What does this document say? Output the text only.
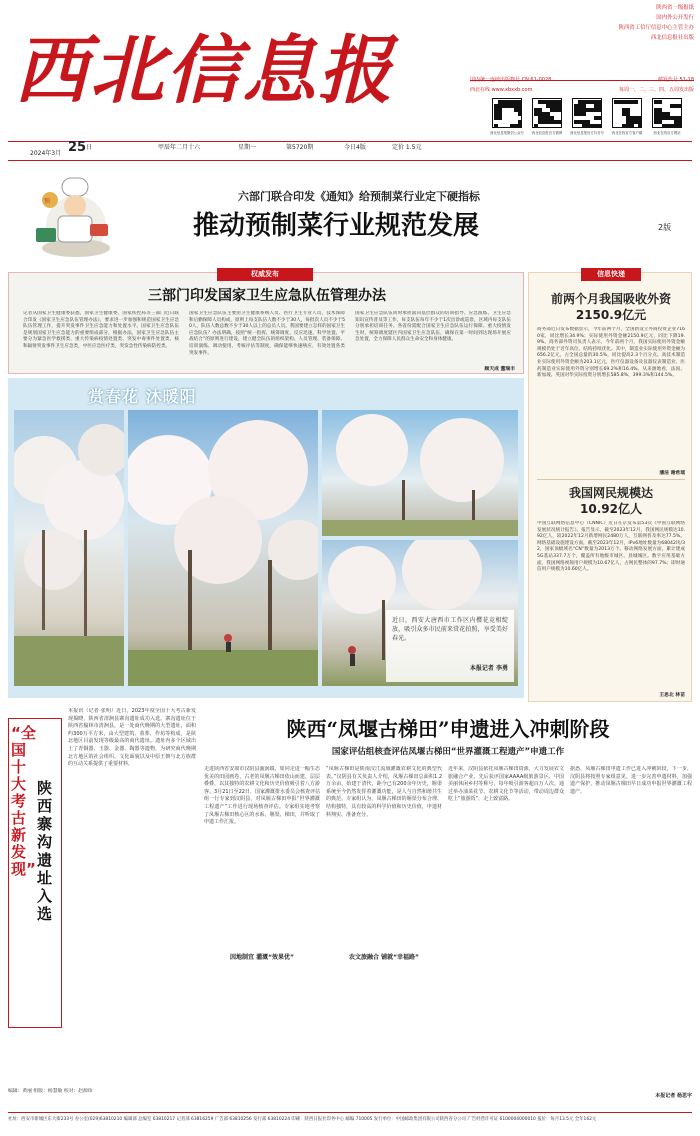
西北信息报
陕西省一级报纸
国内外公开发行
陕西省工信厅信息中心主管主办
西北信息报社出版
西北在线 www.xbxxb.com	每周一、二、三、四、五周发出版
西北信息报微信公众号	西北信息报官方微博	西北信息报官方抖音号	西北在线官方客户端	西北在线官方网站
2024年3月 25 日	甲辰年二月十六	星期一	第5720期	今日4版	定价 1.5元
预	六部门联合印发《通知》给预制菜行业定下硬指标
推动预制菜行业规范发展	2版
权威发布
三部门印发国家卫生应急队伍管理办法
记者从国家卫生健康委获悉，国家卫生健康委、国家疾控局等三部门近日联合印发《国家卫生应急队伍管理办法》，要求进一步加强和规范国家卫生应急队伍管理工作，提升突发事件卫生应急能力和处置水平。国家卫生应急队伍是规划国家卫生应急能力的重要组成部分，根据办法，国家卫生应急队伍主要分为紧急医学救援类、重大传染病疫情处置类、突发中毒事件处置类、核和辐射突发事件卫生应急类，中医应急医疗类，突发急性传染病防控类。
国家卫生应急队伍主要由卫生健康系统人员、医疗卫生专业人员、技术保障和后勤保障人员构成，原则上每支队伍人数不少于30人，每批次人员不少于50人，队伍人数总数不少于30人以上的总员人员。我国要建立怎样的国家卫生应急队伍？办法明确，按照“统一指挥、统筹调度、反应迅速、科学处置、平战结合”的原则进行建设，建立健全队伍的组织架构、人员管理、装备保障、培训演练、调动使用、考核评估等制度，确保能够快速响应、有效处置各类突发事件。
国家卫生应急队伍同时承担面向基层群众的培训指导、应急演练、卫生应急知识宣传普及等工作，每支队伍每年不少于1次出诊或巡诊，区域内每支队伍分别承担培训任务。各省份需配合国家卫生应急队伍运行保障。重大疫情发生时，统筹调度辖区内国家卫生应急队伍，确保在第一时间到达现场开展应急处置，全力保障人民群众生命安全和身体健康。
顾天成 董瑞丰
赏春花 沐暖阳
近日，西安大唐西市工作区内樱花竞相绽放，吸引众多市民前来赏花拍照，享受美好春光。
本报记者 李勇
信息快递
前两个月我国吸收外资2150.9亿元
商务部近日发布数据显示，今年前两个月，全国新设立外商投资企业7160家，同比增长34.9%；实际使用外资金额2150.9亿元，同比下降19.9%。商务部外资司负责人表示，今年前两个月，我国实际使用外资金额规模仍处于近年高位，结构持续优化。其中，制造业实际使用外资金额为656.2亿元，占全国总量的30.5%，同比提高2.3个百分点。高技术制造业实际使用外资金额为203.1亿元，医疗仪器设备及仪器仪表制造业、医药制造业实际使用外资分别增长69.2%和16.4%。从来源地看，法国、新加坡、英国对华实际投资分别增长585.8%、399.3%和144.5%。
潘洁 谢希瑶
我国网民规模达10.92亿人
中国互联网络信息中心（CNNIC）近日在京发布第53次《中国互联网络发展状况统计报告》。报告显示，截至2023年12月，我国网民规模达10.92亿人，较2022年12月新增网民2480万人，互联网普及率达77.5%。网络基础设施建设方面，截至2023年12月，IPv6地址数量为68042块/32，国家顶级域名“CN”数量为2013万个。移动网络发展方面，累计建成5G基站337.7万个，覆盖所有地级市城区、县城城区。数字应用基础方面，我国网络视频用户规模为10.67亿人，占网民整体的97.7%；即时通信用户规模为10.60亿人。
王思北 林苗
“全国十大考古新发现”
陕西寨沟遗址入选
本报讯（记者 张明）近日，2023年度全国十大考古新发现揭晓，陕西省清涧县寨沟遗址成功入选。寨沟遗址位于陕西省榆林市清涧县，是一处商代晚期的大型遗址，面积约300万平方米，由大型建筑、墓葬、作坊等构成，是陕北地区目前发现等级最高的商代遗址。遗址内多个区域出土了青铜器、玉器、金器、陶器等遗物，为研究商代晚期北方地区的社会组织、文化面貌以及中原王朝与北方族群的互动关系提供了重要材料。
编辑：黄丽 组版：杨慧敏 校对：赵源珍
陕西“凤堰古梯田”申遗进入冲刺阶段
国家评估组核查评估凤堰古梯田“世界灌溉工程遗产”申遗工作
走进陕西省安康市汉阴县漩涡镇，如同走进一幅生态优美的田园画卷，古老的凤堰古梯田依山而建、层层叠叠，以其独特的农耕文化和历史价值吸引着八方游客。3月21日至22日，国家灌溉排水委员会核查评估组一行专家到汉阴县，对凤堰古梯田申报“世界灌溉工程遗产”工作进行现场核查评估。专家组实地考察了凤堰古梯田核心区的水系、堰渠、梯田，并听取了申遗工作汇报。
因地制宜 灌溉“效果优”
“凤堰古梯田是陕南汉江流域灌溉农耕文化的典型代表。”汉阴县有关负责人介绍，凤堰古梯田总面积1.2万余亩，始建于清代，距今已有200余年历史，堰渠系统至今仍然发挥着灌溉功能，是人与自然和谐共生的典范。专家组认为，凤堰古梯田的堰渠分布合理、结构独特，具有较高的科学价值和历史价值，申遗材料翔实、准备充分。
农文旅融合 铺就“幸福路”
近年来，汉阴县依托凤堰古梯田资源，大力发展农文旅融合产业，先后获评国家AAAA级旅游景区、中国美丽休闲乡村等称号，每年吸引游客超百万人次。通过举办油菜花节、农耕文化节等活动，带动周边群众吃上“旅游饭”，走上致富路。
据悉，凤堰古梯田申遗工作已进入冲刺阶段，下一步，汉阴县将按照专家组意见，进一步完善申遗材料，加强遗产保护，推动凤堰古梯田早日成功申报世界灌溉工程遗产。
本报记者 杨思宇
社址：西安市新城区东大街233号 办公室(029)63810210 编辑部 总编室 63810217 记者部 63816259 广告部 63810256 发行部 63810224 印刷：陕西日报社印务中心 邮编 710005 发行单位：中国邮政集团有限公司陕西省分公司 广告经营许可证 6100004000010 报价：每月13.5元 全年162元
